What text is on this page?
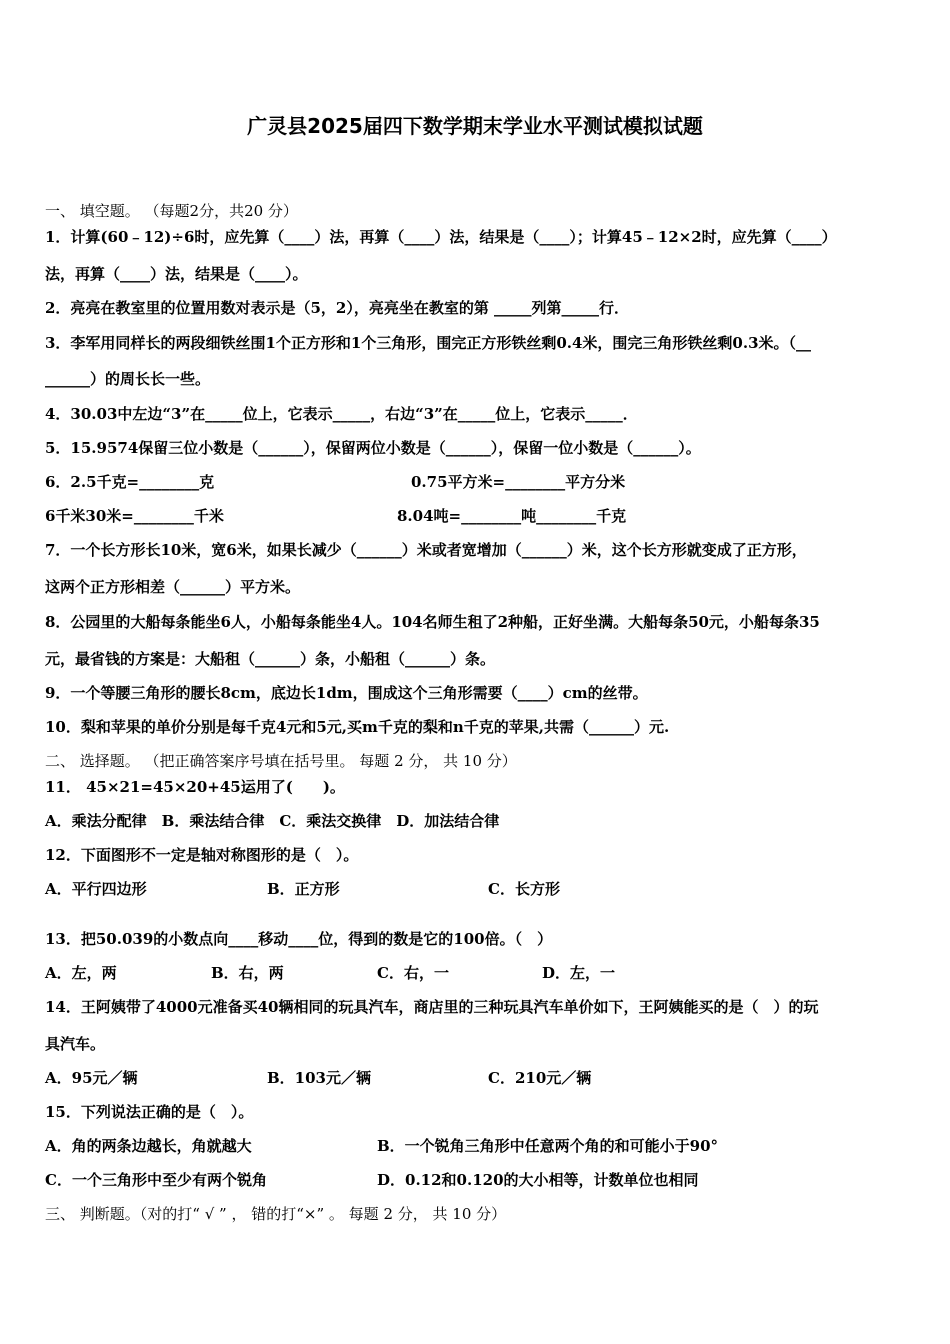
广灵县2025届四下数学期末学业水平测试模拟试题
一、 填空题。 （每题2分，共20 分）
1．计算(60﹣12)÷6时，应先算（____）法，再算（____）法，结果是（____）；计算45﹣12×2时，应先算（____）
法，再算（____）法，结果是（____）。
2．亮亮在教室里的位置用数对表示是（5，2），亮亮坐在教室的第 _____列第_____行．
3．李军用同样长的两段细铁丝围1个正方形和1个三角形，围完正方形铁丝剩0.4米，围完三角形铁丝剩0.3米。（__
______）的周长长一些。
4．30.03中左边“3”在_____位上，它表示_____，右边“3”在_____位上，它表示_____．
5．15.9574保留三位小数是（______），保留两位小数是（______），保留一位小数是（______）。
6．2.5千克=________克	0.75平方米=________平方分米
6千米30米=________千米	8.04吨=________吨________千克
7．一个长方形长10米，宽6米，如果长减少（______）米或者宽增加（______）米，这个长方形就变成了正方形，
这两个正方形相差（______）平方米。
8．公园里的大船每条能坐6人，小船每条能坐4人。104名师生租了2种船，正好坐满。大船每条50元，小船每条35
元，最省钱的方案是：大船租（______）条，小船租（______）条。
9．一个等腰三角形的腰长8cm，底边长1dm，围成这个三角形需要（____）cm的丝带。
10．梨和苹果的单价分别是每千克4元和5元,买m千克的梨和n千克的苹果,共需（______）元.
二、 选择题。 （把正确答案序号填在括号里。 每题 2 分， 共 10 分）
11． 45×21=45×20+45运用了(　　)。
A．乘法分配律　B．乘法结合律　C．乘法交换律　D．加法结合律
12．下面图形不一定是轴对称图形的是（　）。
A．平行四边形	B．正方形	C．长方形
13．把50.039的小数点向____移动____位，得到的数是它的100倍。（　）
A．左，两	B．右，两	C．右，一	D．左，一
14．王阿姨带了4000元准备买40辆相同的玩具汽车，商店里的三种玩具汽车单价如下，王阿姨能买的是（　）的玩
具汽车。
A．95元／辆	B．103元／辆	C．210元／辆
15．下列说法正确的是（　）。
A．角的两条边越长，角就越大	B．一个锐角三角形中任意两个角的和可能小于90°
C．一个三角形中至少有两个锐角	D．0.12和0.120的大小相等，计数单位也相同
三、 判断题。（对的打“ √ ” ， 错的打“×” 。 每题 2 分， 共 10 分）
